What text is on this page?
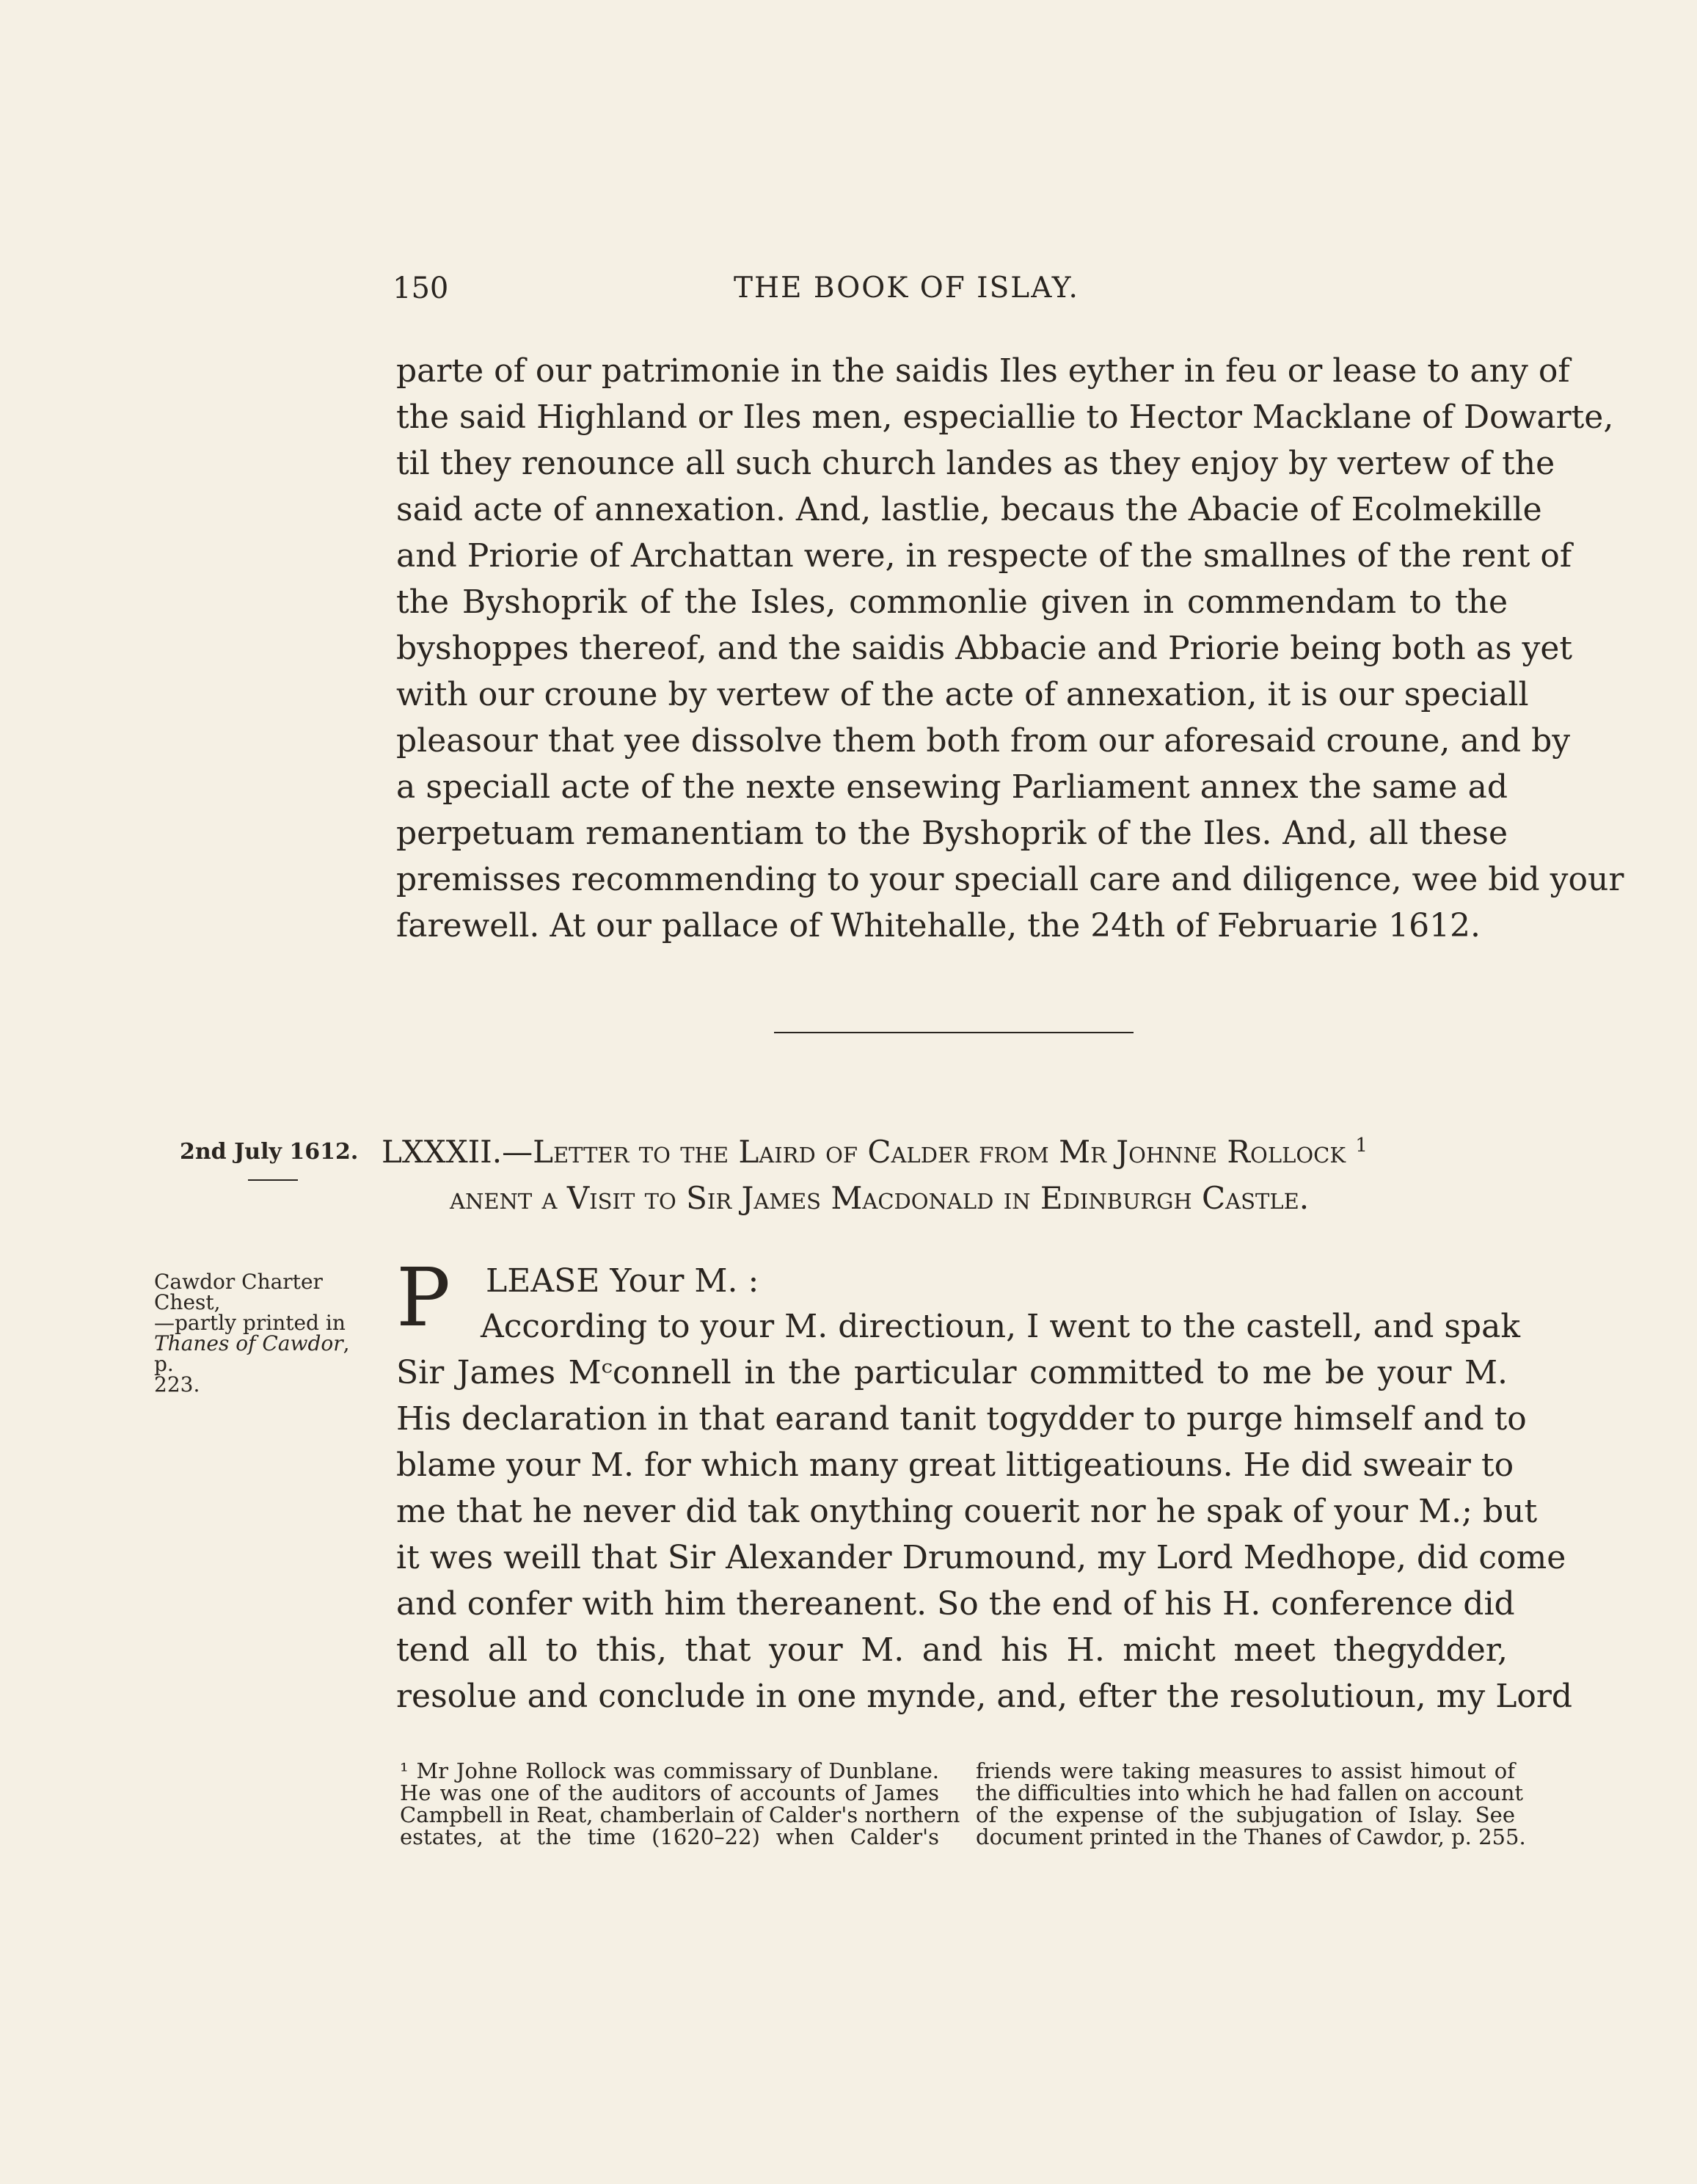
150	THE BOOK OF ISLAY.
parte of our patrimonie in the saidis Iles eyther in feu or lease to any of
the said Highland or Iles men, especiallie to Hector Macklane of Dowarte,
til they renounce all such church landes as they enjoy by vertew of the
said acte of annexation. And, lastlie, becaus the Abacie of Ecolmekille
and Priorie of Archattan were, in respecte of the smallnes of the rent of
the Byshoprik of the Isles, commonlie given in commendam to the
byshoppes thereof, and the saidis Abbacie and Priorie being both as yet
with our croune by vertew of the acte of annexation, it is our speciall
pleasour that yee dissolve them both from our aforesaid croune, and by
a speciall acte of the nexte ensewing Parliament annex the same ad
perpetuam remanentiam to the Byshoprik of the Iles. And, all these
premisses recommending to your speciall care and diligence, wee bid your
farewell. At our pallace of Whitehalle, the 24th of Februarie 1612.
2nd July 1612. LXXXII.—Letter to the Laird of Calder from Mr Johnne Rollock $^1$
anent a Visit to Sir James Macdonald in Edinburgh Castle.
Cawdor Charter Chest,
—partly printed in
Thanes of Cawdor, p.
223.
P LEASE Your M. :
According to your M. directioun, I went to the castell, and spak
Sir James Mᶜconnell in the particular committed to me be your M.
His declaration in that earand tanit togydder to purge himself and to
blame your M. for which many great littigeatiouns. He did sweair to
me that he never did tak onything couerit nor he spak of your M.; but
it wes weill that Sir Alexander Drumound, my Lord Medhope, did come
and confer with him thereanent. So the end of his H. conference did
tend all to this, that your M. and his H. micht meet thegydder,
resolue and conclude in one mynde, and, efter the resolutioun, my Lord
¹ Mr Johne Rollock was commissary of Dunblane.
He was one of the auditors of accounts of James
Campbell in Reat, chamberlain of Calder's northern
estates, at the time (1620–22) when Calder's
friends were taking measures to assist himout of
the difficulties into which he had fallen on account
of the expense of the subjugation of Islay. See
document printed in the Thanes of Cawdor, p. 255.
